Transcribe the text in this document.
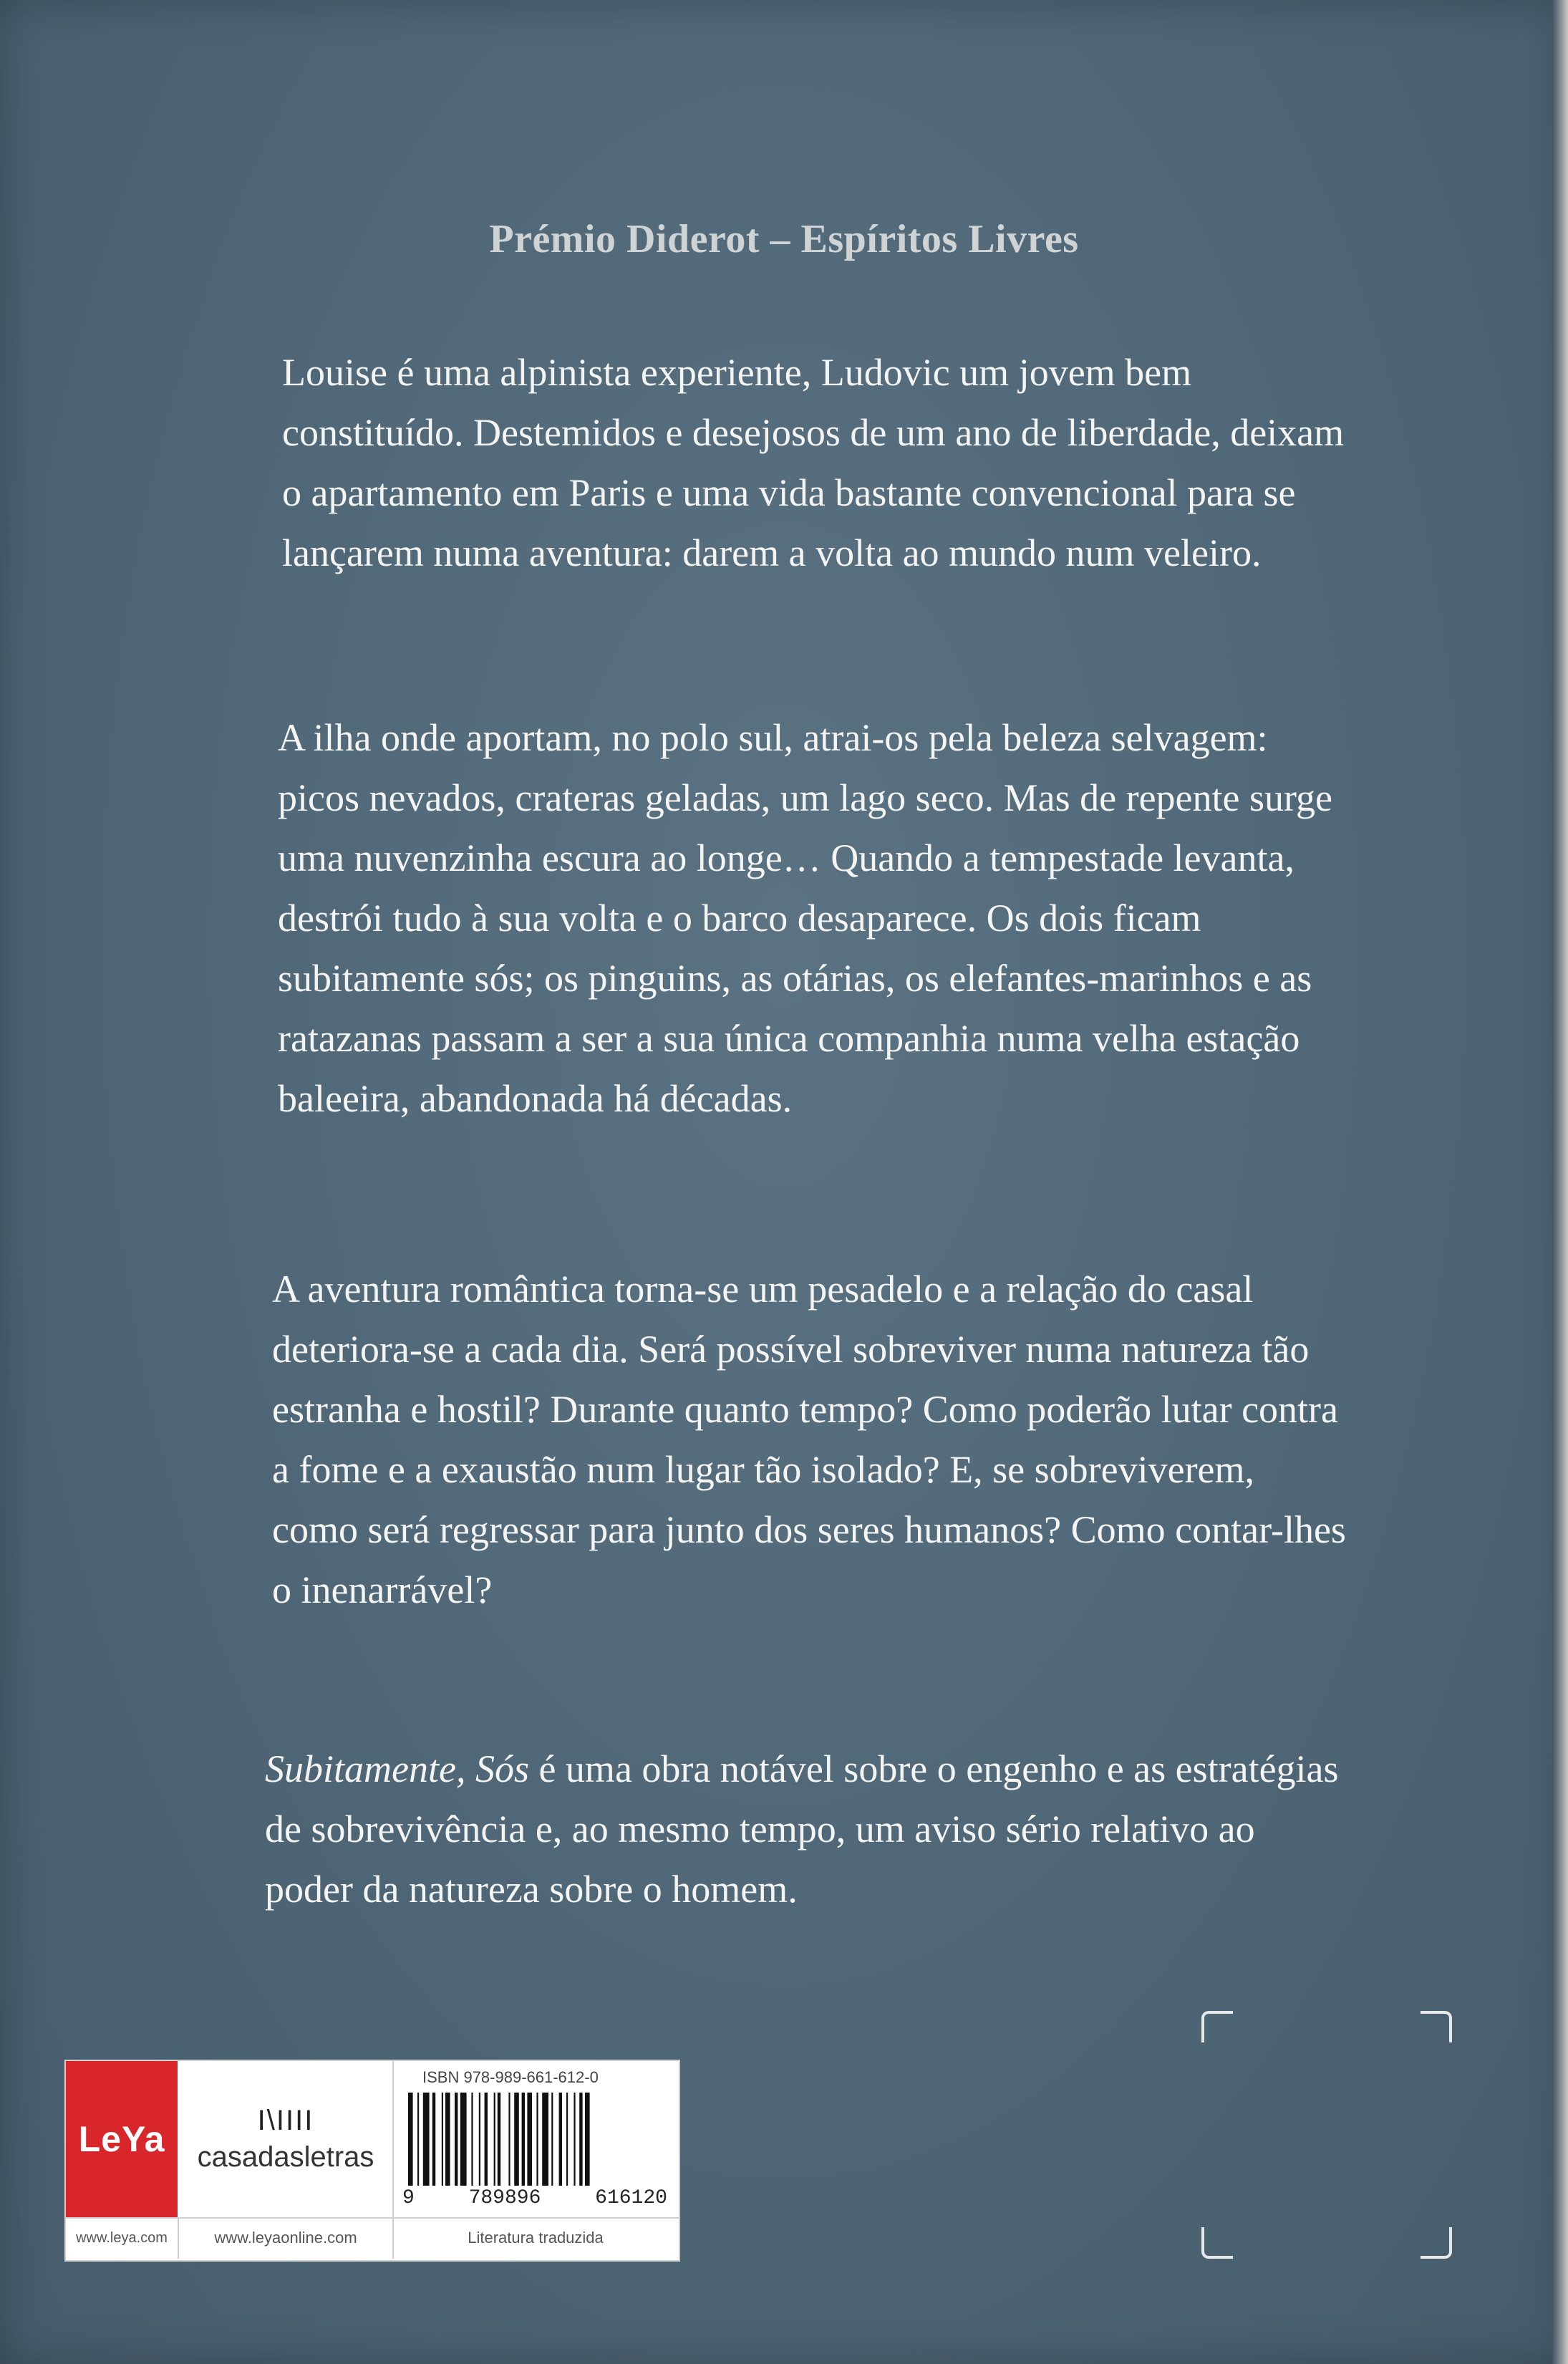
Prémio Diderot – Espíritos Livres

Louise é uma alpinista experiente, Ludovic um jovem bem constituído. Destemidos e desejosos de um ano de liberdade, deixam o apartamento em Paris e uma vida bastante convencional para se lançarem numa aventura: darem a volta ao mundo num veleiro.

A ilha onde aportam, no polo sul, atrai-os pela beleza selvagem: picos nevados, crateras geladas, um lago seco. Mas de repente surge uma nuvenzinha escura ao longe… Quando a tempestade levanta, destrói tudo à sua volta e o barco desaparece. Os dois ficam subitamente sós; os pinguins, as otárias, os elefantes-marinhos e as ratazanas passam a ser a sua única companhia numa velha estação baleeira, abandonada há décadas.

A aventura romântica torna-se um pesadelo e a relação do casal deteriora-se a cada dia. Será possível sobreviver numa natureza tão estranha e hostil? Durante quanto tempo? Como poderão lutar contra a fome e a exaustão num lugar tão isolado? E, se sobreviverem, como será regressar para junto dos seres humanos? Como contar-lhes o inenarrável?

Subitamente, Sós é uma obra notável sobre o engenho e as estratégias de sobrevivência e, ao mesmo tempo, um aviso sério relativo ao poder da natureza sobre o homem.

LeYa
www.leya.com
I\IIII
casadasletras
www.leyaonline.com
ISBN 978-989-661-612-0
9	789896	616120
Literatura traduzida
